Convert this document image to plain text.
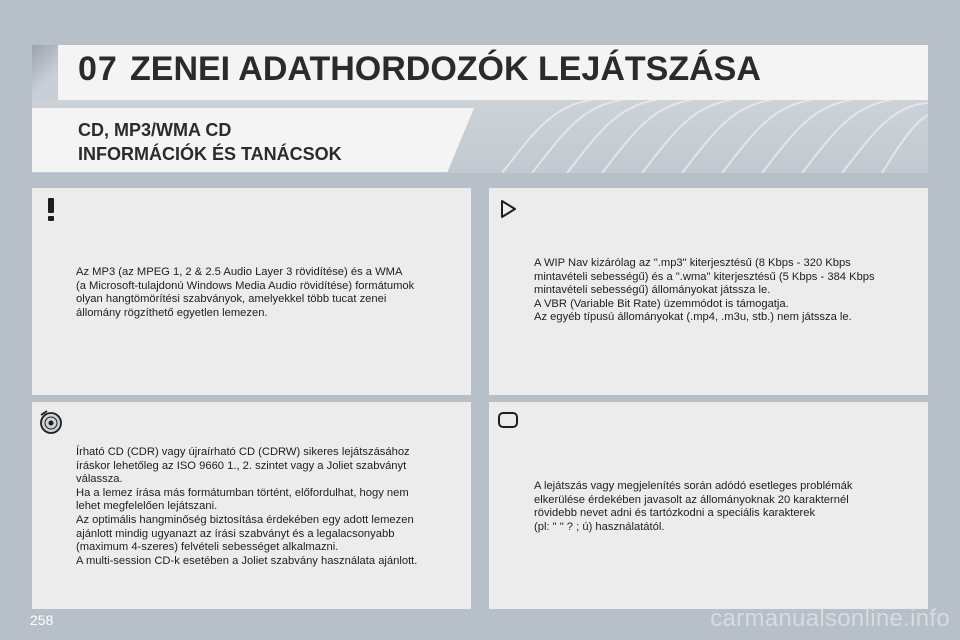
07 ZENEI ADATHORDOZÓK LEJÁTSZÁSA
CD, MP3/WMA CD
INFORMÁCIÓK ÉS TANÁCSOK
Az MP3 (az MPEG 1, 2 & 2.5 Audio Layer 3 rövidítése) és a WMA
(a Microsoft-tulajdonú Windows Media Audio rövidítése) formátumok
olyan hangtömörítési szabványok, amelyekkel több tucat zenei
állomány rögzíthető egyetlen lemezen.
A WIP Nav kizárólag az ".mp3" kiterjesztésű (8 Kbps - 320 Kbps
mintavételi sebességű) és a ".wma" kiterjesztésű (5 Kbps - 384 Kbps
mintavételi sebességű) állományokat játssza le.
A VBR (Variable Bit Rate) üzemmódot is támogatja.
Az egyéb típusú állományokat (.mp4, .m3u, stb.) nem játssza le.
Írható CD (CDR) vagy újraírható CD (CDRW) sikeres lejátszásához
íráskor lehetőleg az ISO 9660 1., 2. szintet vagy a Joliet szabványt
válassza.
Ha a lemez írása más formátumban történt, előfordulhat, hogy nem
lehet megfelelően lejátszani.
Az optimális hangminőség biztosítása érdekében egy adott lemezen
ajánlott mindig ugyanazt az írási szabványt és a legalacsonyabb
(maximum 4-szeres) felvételi sebességet alkalmazni.
A multi-session CD-k esetében a Joliet szabvány használata ajánlott.
A lejátszás vagy megjelenítés során adódó esetleges problémák
elkerülése érdekében javasolt az állományoknak 20 karakternél
rövidebb nevet adni és tartózkodni a speciális karakterek
(pl: " " ? ; ú) használatától.
258	carmanualsonline.info
